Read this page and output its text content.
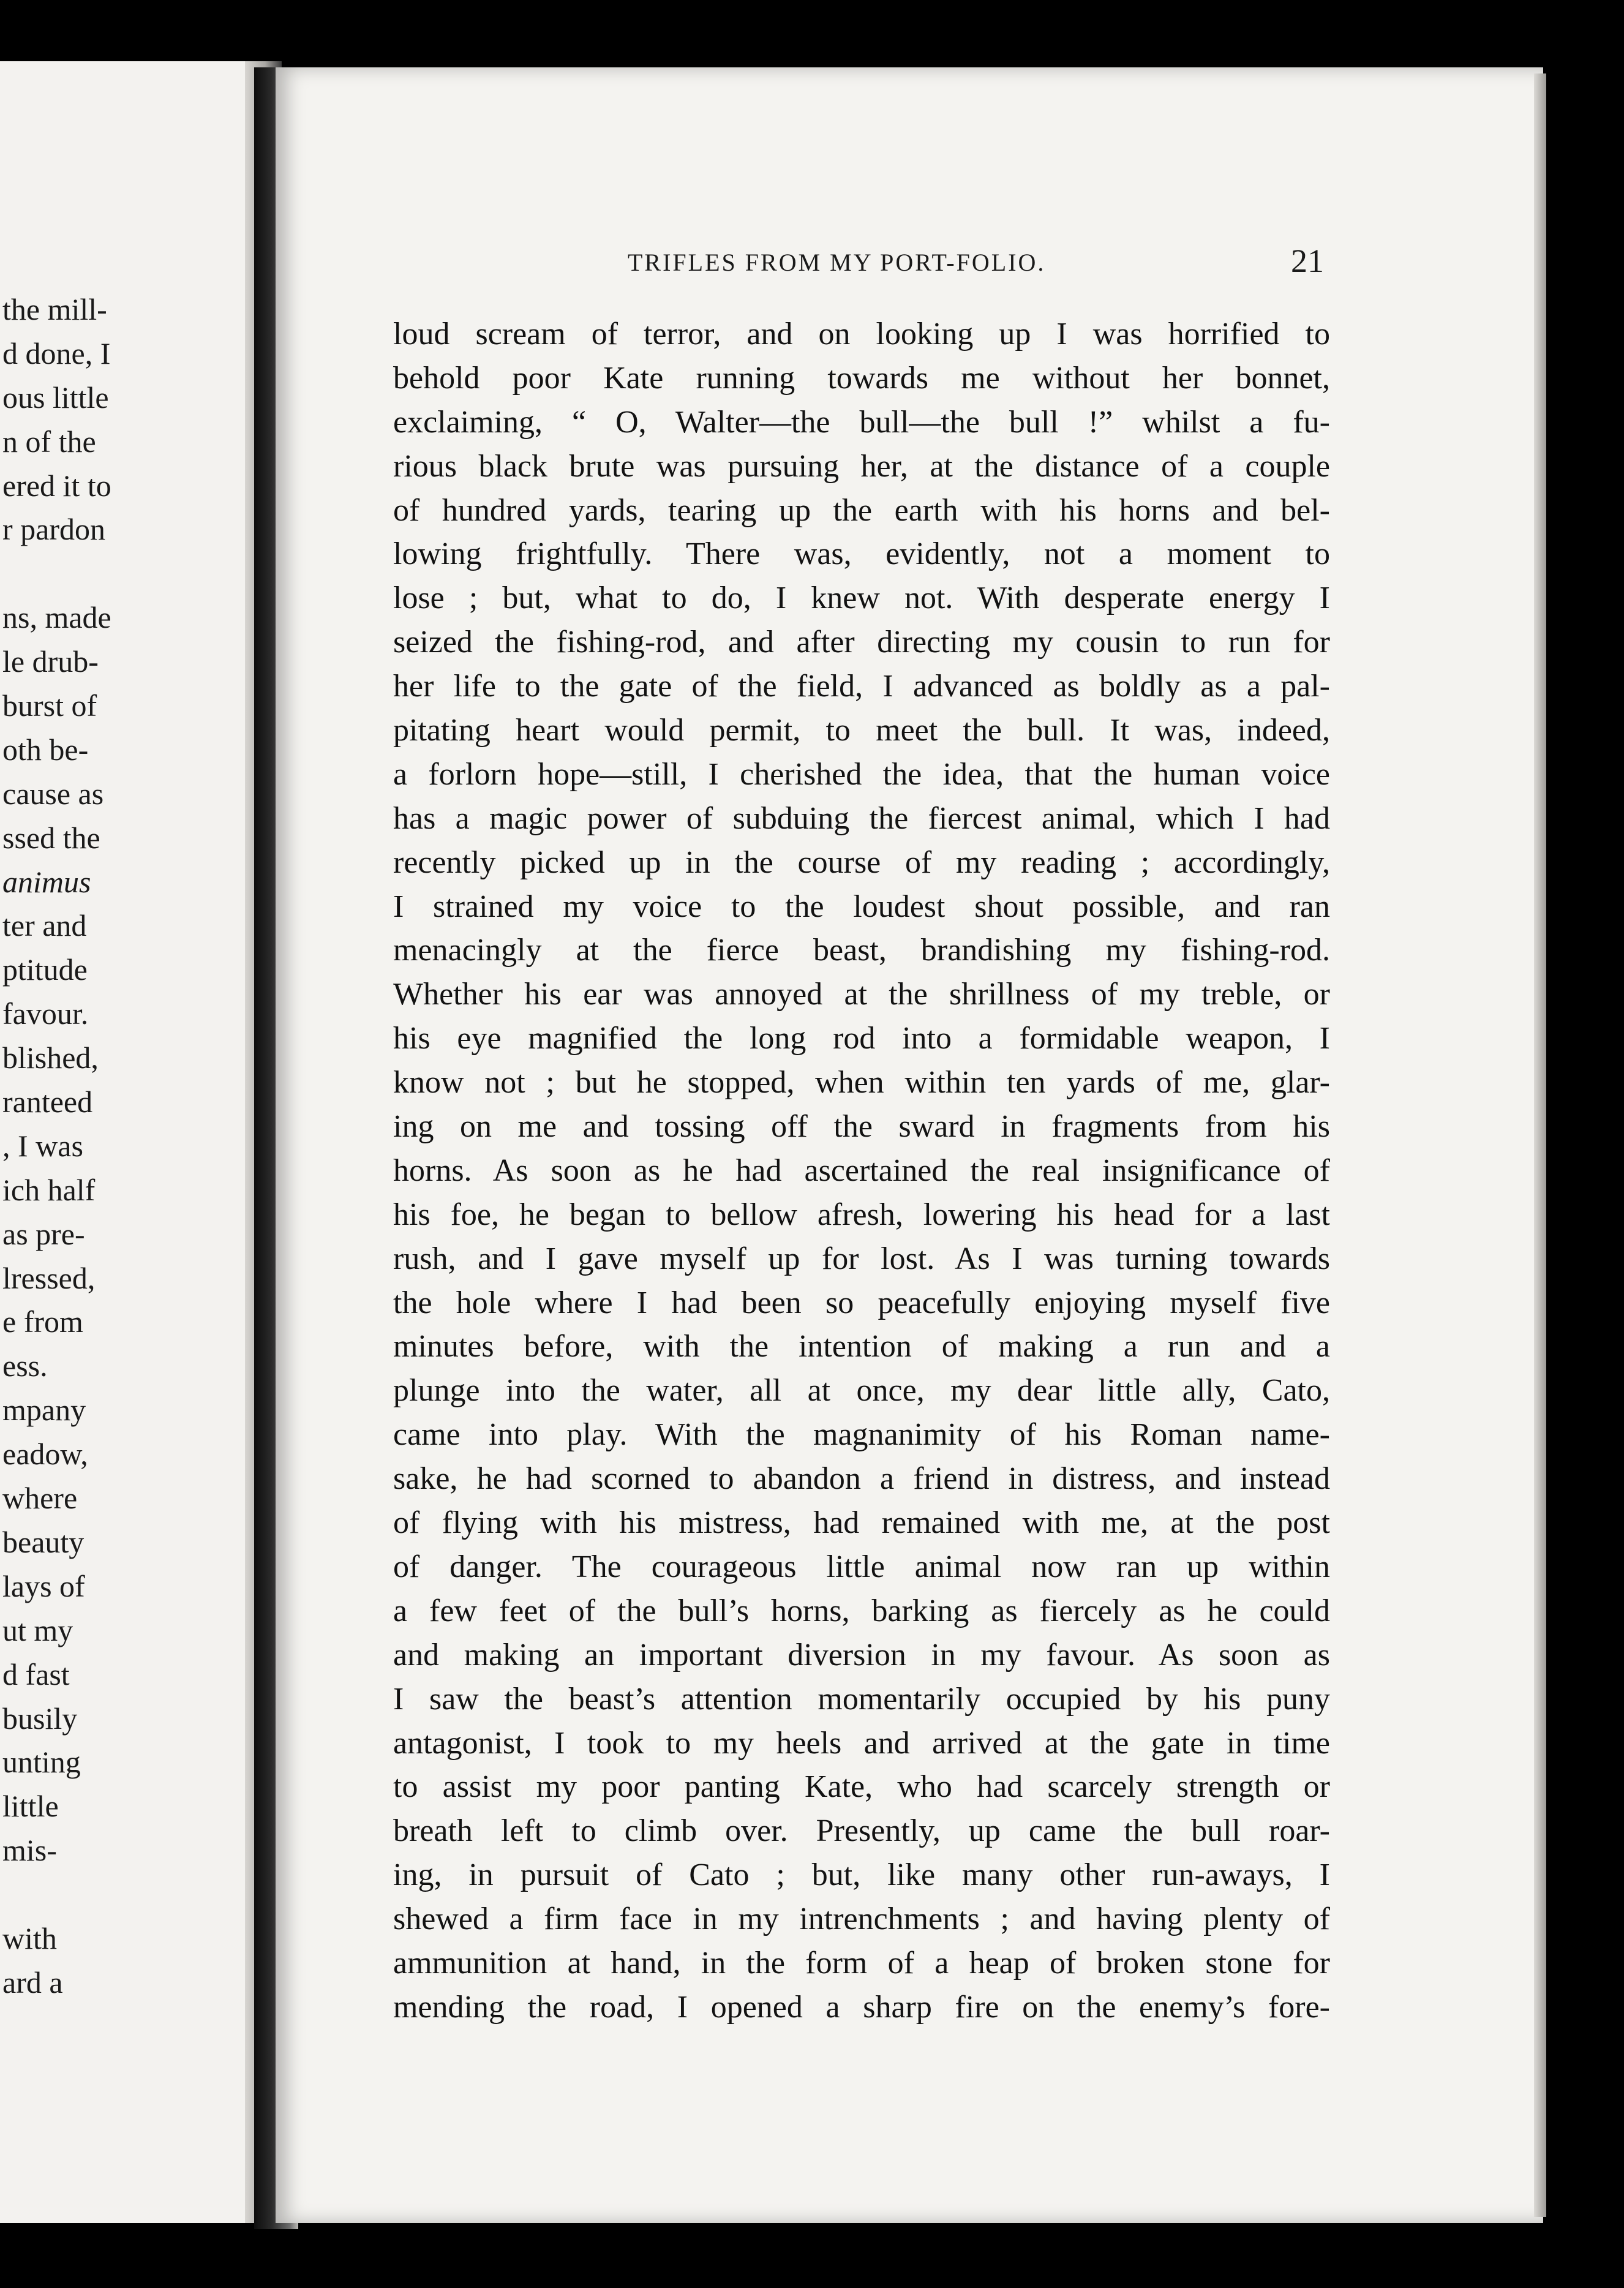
the mill-
d done, I
ous little
n of the
ered it to
r pardon
ns, made
le drub-
burst of
oth be-
cause as
ssed the
animus
ter and
ptitude
favour.
blished,
ranteed
, I was
ich half
as pre-
lressed,
e from
ess.
mpany
eadow,
where
beauty
lays of
ut my
d fast
busily
unting
little
mis-
with
ard a
TRIFLES FROM MY PORT-FOLIO.	21
loud scream of terror, and on looking up I was horrified to
behold poor Kate running towards me without her bonnet,
exclaiming, “ O, Walter—the bull—the bull !” whilst a fu-
rious black brute was pursuing her, at the distance of a couple
of hundred yards, tearing up the earth with his horns and bel-
lowing frightfully. There was, evidently, not a moment to
lose ; but, what to do, I knew not. With desperate energy I
seized the fishing-rod, and after directing my cousin to run for
her life to the gate of the field, I advanced as boldly as a pal-
pitating heart would permit, to meet the bull. It was, indeed,
a forlorn hope—still, I cherished the idea, that the human voice
has a magic power of subduing the fiercest animal, which I had
recently picked up in the course of my reading ; accordingly,
I strained my voice to the loudest shout possible, and ran
menacingly at the fierce beast, brandishing my fishing-rod.
Whether his ear was annoyed at the shrillness of my treble, or
his eye magnified the long rod into a formidable weapon, I
know not ; but he stopped, when within ten yards of me, glar-
ing on me and tossing off the sward in fragments from his
horns. As soon as he had ascertained the real insignificance of
his foe, he began to bellow afresh, lowering his head for a last
rush, and I gave myself up for lost. As I was turning towards
the hole where I had been so peacefully enjoying myself five
minutes before, with the intention of making a run and a
plunge into the water, all at once, my dear little ally, Cato,
came into play. With the magnanimity of his Roman name-
sake, he had scorned to abandon a friend in distress, and instead
of flying with his mistress, had remained with me, at the post
of danger. The courageous little animal now ran up within
a few feet of the bull’s horns, barking as fiercely as he could
and making an important diversion in my favour. As soon as
I saw the beast’s attention momentarily occupied by his puny
antagonist, I took to my heels and arrived at the gate in time
to assist my poor panting Kate, who had scarcely strength or
breath left to climb over. Presently, up came the bull roar-
ing, in pursuit of Cato ; but, like many other run-aways, I
shewed a firm face in my intrenchments ; and having plenty of
ammunition at hand, in the form of a heap of broken stone for
mending the road, I opened a sharp fire on the enemy’s fore-
